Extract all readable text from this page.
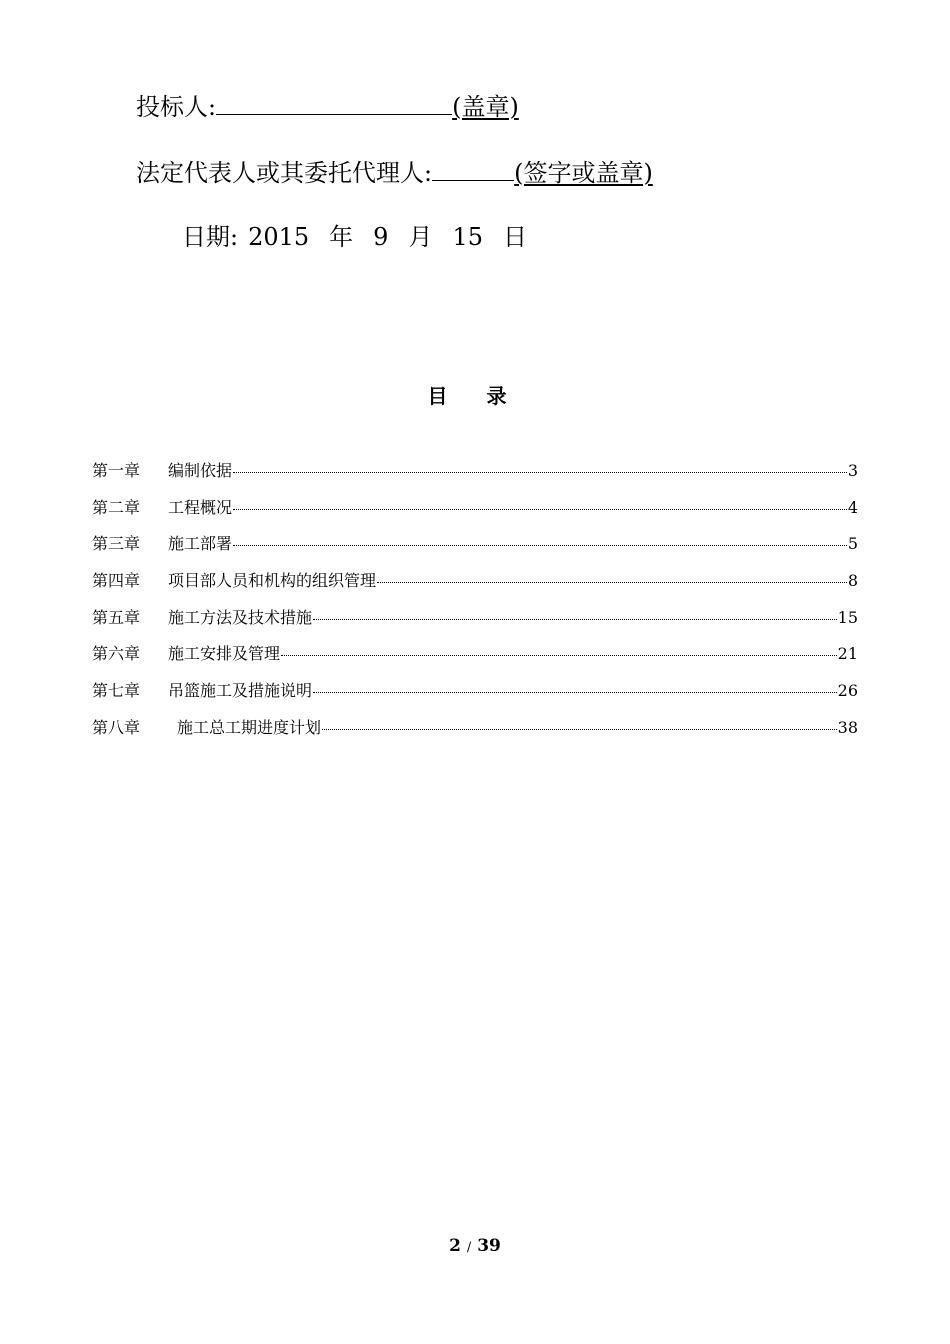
投标人:	(盖章)
法定代表人或其委托代理人:	(签字或盖章)
日期: 2015 年 9 月 15 日
目 录
第一章	编制依据	3
第二章	工程概况	4
第三章	施工部署	5
第四章	项目部人员和机构的组织管理	8
第五章	施工方法及技术措施	15
第六章	施工安排及管理	21
第七章	吊篮施工及措施说明	26
第八章	施工总工期进度计划	38
2 / 39
